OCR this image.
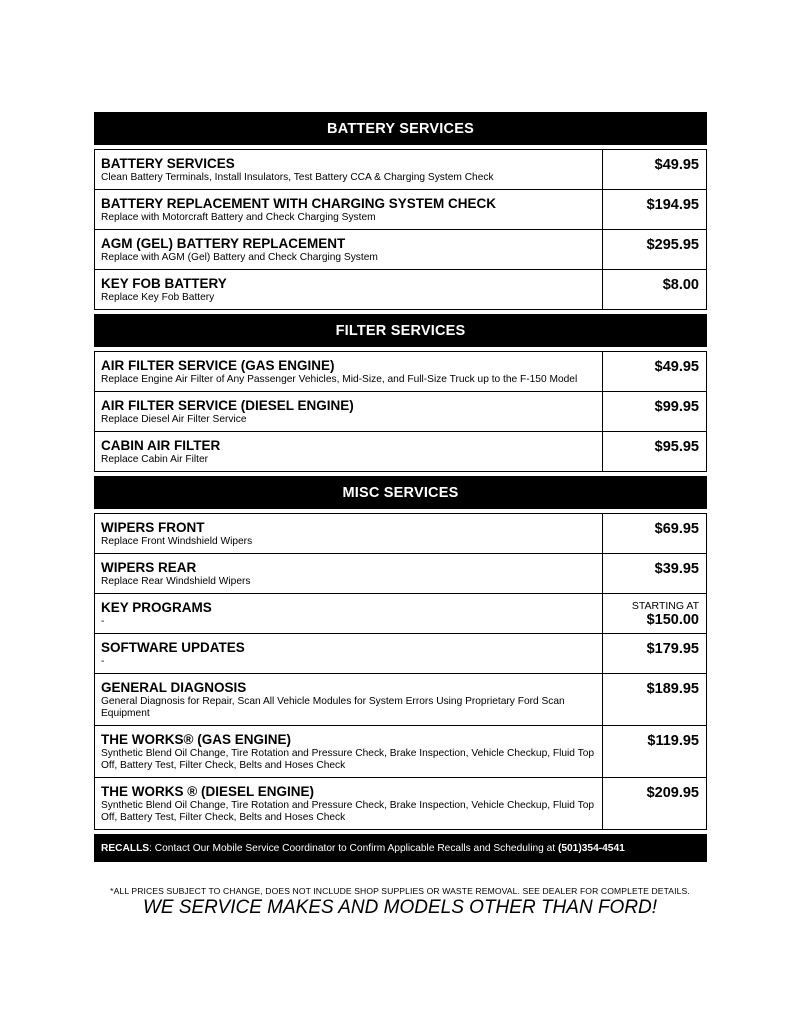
BATTERY SERVICES
BATTERY SERVICES
Clean Battery Terminals, Install Insulators, Test Battery CCA & Charging System Check
$49.95
BATTERY REPLACEMENT WITH CHARGING SYSTEM CHECK
Replace with Motorcraft Battery and Check Charging System
$194.95
AGM (GEL) BATTERY REPLACEMENT
Replace with AGM (Gel) Battery and Check Charging System
$295.95
KEY FOB BATTERY
Replace Key Fob Battery
$8.00
FILTER SERVICES
AIR FILTER SERVICE (GAS ENGINE)
Replace Engine Air Filter of Any Passenger Vehicles, Mid-Size, and Full-Size Truck up to the F-150 Model
$49.95
AIR FILTER SERVICE (DIESEL ENGINE)
Replace Diesel Air Filter Service
$99.95
CABIN AIR FILTER
Replace Cabin Air Filter
$95.95
MISC SERVICES
WIPERS FRONT
Replace Front Windshield Wipers
$69.95
WIPERS REAR
Replace Rear Windshield Wipers
$39.95
KEY PROGRAMS
-
STARTING AT
$150.00
SOFTWARE UPDATES
-
$179.95
GENERAL DIAGNOSIS
General Diagnosis for Repair, Scan All Vehicle Modules for System Errors Using Proprietary Ford Scan Equipment
$189.95
THE WORKS® (GAS ENGINE)
Synthetic Blend Oil Change, Tire Rotation and Pressure Check, Brake Inspection, Vehicle Checkup, Fluid Top Off, Battery Test, Filter Check, Belts and Hoses Check
$119.95
THE WORKS ® (DIESEL ENGINE)
Synthetic Blend Oil Change, Tire Rotation and Pressure Check, Brake Inspection, Vehicle Checkup, Fluid Top Off, Battery Test, Filter Check, Belts and Hoses Check
$209.95
RECALLS: Contact Our Mobile Service Coordinator to Confirm Applicable Recalls and Scheduling at (501)354-4541
*ALL PRICES SUBJECT TO CHANGE, DOES NOT INCLUDE SHOP SUPPLIES OR WASTE REMOVAL. SEE DEALER FOR COMPLETE DETAILS.
WE SERVICE MAKES AND MODELS OTHER THAN FORD!
